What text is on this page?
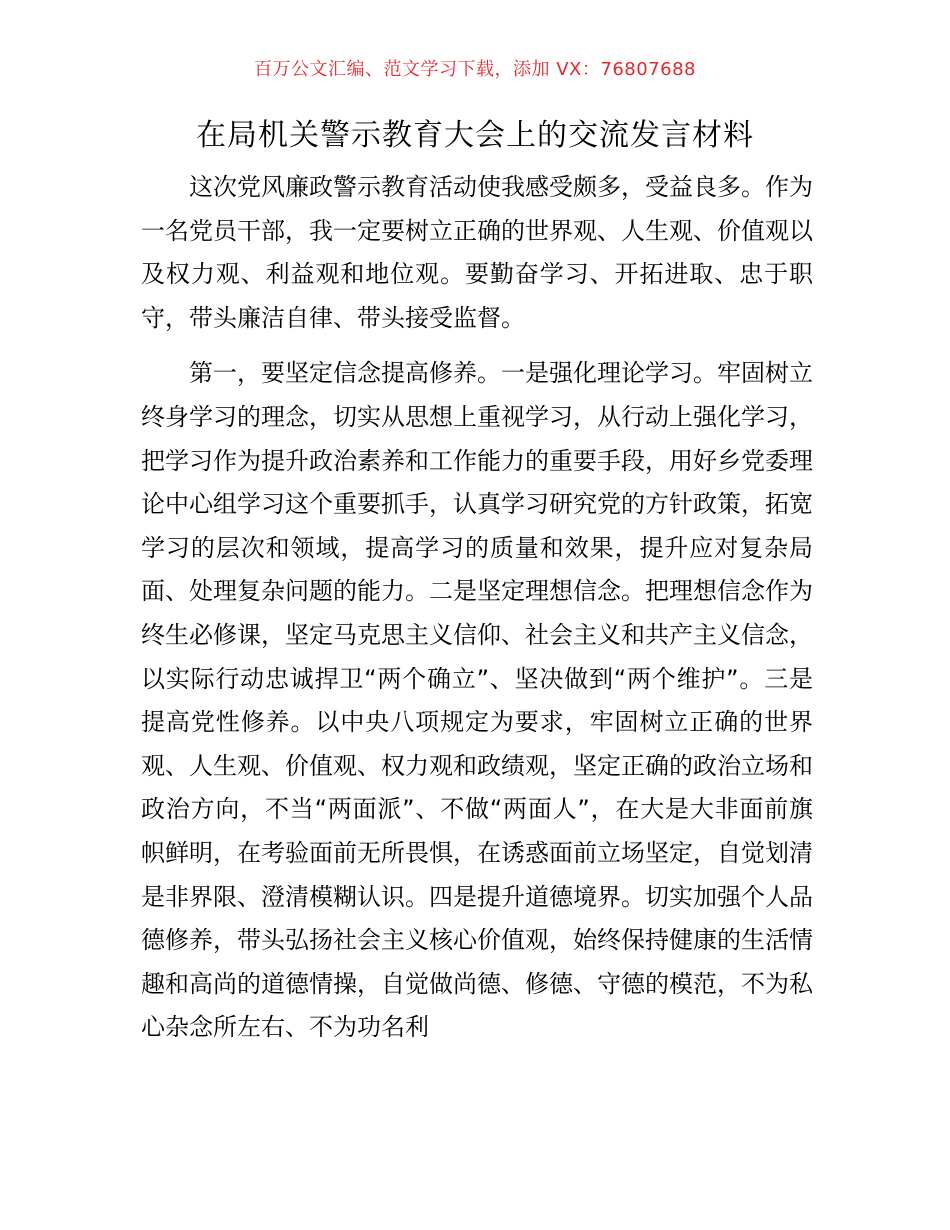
百万公文汇编、范文学习下载，添加 VX：76807688
在局机关警示教育大会上的交流发言材料

这次党风廉政警示教育活动使我感受颇多，受益良多。作为一名党员干部，我一定要树立正确的世界观、人生观、价值观以及权力观、利益观和地位观。要勤奋学习、开拓进取、忠于职守，带头廉洁自律、带头接受监督。

第一，要坚定信念提高修养。一是强化理论学习。牢固树立终身学习的理念，切实从思想上重视学习，从行动上强化学习，把学习作为提升政治素养和工作能力的重要手段，用好乡党委理论中心组学习这个重要抓手，认真学习研究党的方针政策，拓宽学习的层次和领域，提高学习的质量和效果，提升应对复杂局面、处理复杂问题的能力。二是坚定理想信念。把理想信念作为终生必修课，坚定马克思主义信仰、社会主义和共产主义信念，以实际行动忠诚捍卫“两个确立”、坚决做到“两个维护”。三是提高党性修养。以中央八项规定为要求，牢固树立正确的世界观、人生观、价值观、权力观和政绩观，坚定正确的政治立场和政治方向，不当“两面派”、不做“两面人”，在大是大非面前旗帜鲜明，在考验面前无所畏惧，在诱惑面前立场坚定，自觉划清是非界限、澄清模糊认识。四是提升道德境界。切实加强个人品德修养，带头弘扬社会主义核心价值观，始终保持健康的生活情趣和高尚的道德情操，自觉做尚德、修德、守德的模范，不为私心杂念所左右、不为功名利
